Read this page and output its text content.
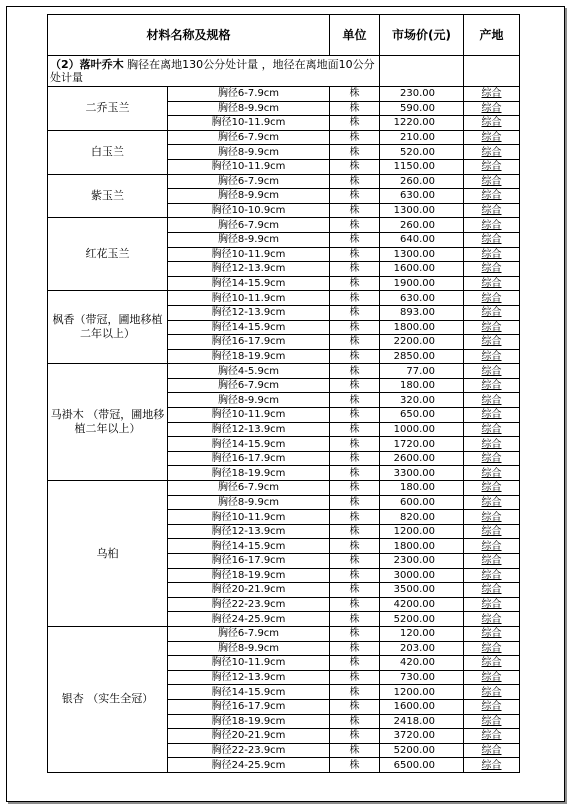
材料名称及规格		单位	市场价(元)	产地
（2）落叶乔木 胸径在离地130公分处计量 ，地径在离地面10公分处计量				
二乔玉兰	胸径6-7.9cm	株	230.00	综合
	胸径8-9.9cm	株	590.00	综合
	胸径10-11.9cm	株	1220.00	综合
白玉兰	胸径6-7.9cm	株	210.00	综合
	胸径8-9.9cm	株	520.00	综合
	胸径10-11.9cm	株	1150.00	综合
紫玉兰	胸径6-7.9cm	株	260.00	综合
	胸径8-9.9cm	株	630.00	综合
	胸径10-10.9cm	株	1300.00	综合
红花玉兰	胸径6-7.9cm	株	260.00	综合
	胸径8-9.9cm	株	640.00	综合
	胸径10-11.9cm	株	1300.00	综合
	胸径12-13.9cm	株	1600.00	综合
	胸径14-15.9cm	株	1900.00	综合
枫香（带冠，圃地移植二年以上）	胸径10-11.9cm	株	630.00	综合
	胸径12-13.9cm	株	893.00	综合
	胸径14-15.9cm	株	1800.00	综合
	胸径16-17.9cm	株	2200.00	综合
	胸径18-19.9cm	株	2850.00	综合
马褂木 （带冠，圃地移植二年以上）	胸径4-5.9cm	株	77.00	综合
	胸径6-7.9cm	株	180.00	综合
	胸径8-9.9cm	株	320.00	综合
	胸径10-11.9cm	株	650.00	综合
	胸径12-13.9cm	株	1000.00	综合
	胸径14-15.9cm	株	1720.00	综合
	胸径16-17.9cm	株	2600.00	综合
	胸径18-19.9cm	株	3300.00	综合
乌桕	胸径6-7.9cm	株	180.00	综合
	胸径8-9.9cm	株	600.00	综合
	胸径10-11.9cm	株	820.00	综合
	胸径12-13.9cm	株	1200.00	综合
	胸径14-15.9cm	株	1800.00	综合
	胸径16-17.9cm	株	2300.00	综合
	胸径18-19.9cm	株	3000.00	综合
	胸径20-21.9cm	株	3500.00	综合
	胸径22-23.9cm	株	4200.00	综合
	胸径24-25.9cm	株	5200.00	综合
银杏 （实生全冠）	胸径6-7.9cm	株	120.00	综合
	胸径8-9.9cm	株	203.00	综合
	胸径10-11.9cm	株	420.00	综合
	胸径12-13.9cm	株	730.00	综合
	胸径14-15.9cm	株	1200.00	综合
	胸径16-17.9cm	株	1600.00	综合
	胸径18-19.9cm	株	2418.00	综合
	胸径20-21.9cm	株	3720.00	综合
	胸径22-23.9cm	株	5200.00	综合
	胸径24-25.9cm	株	6500.00	综合
